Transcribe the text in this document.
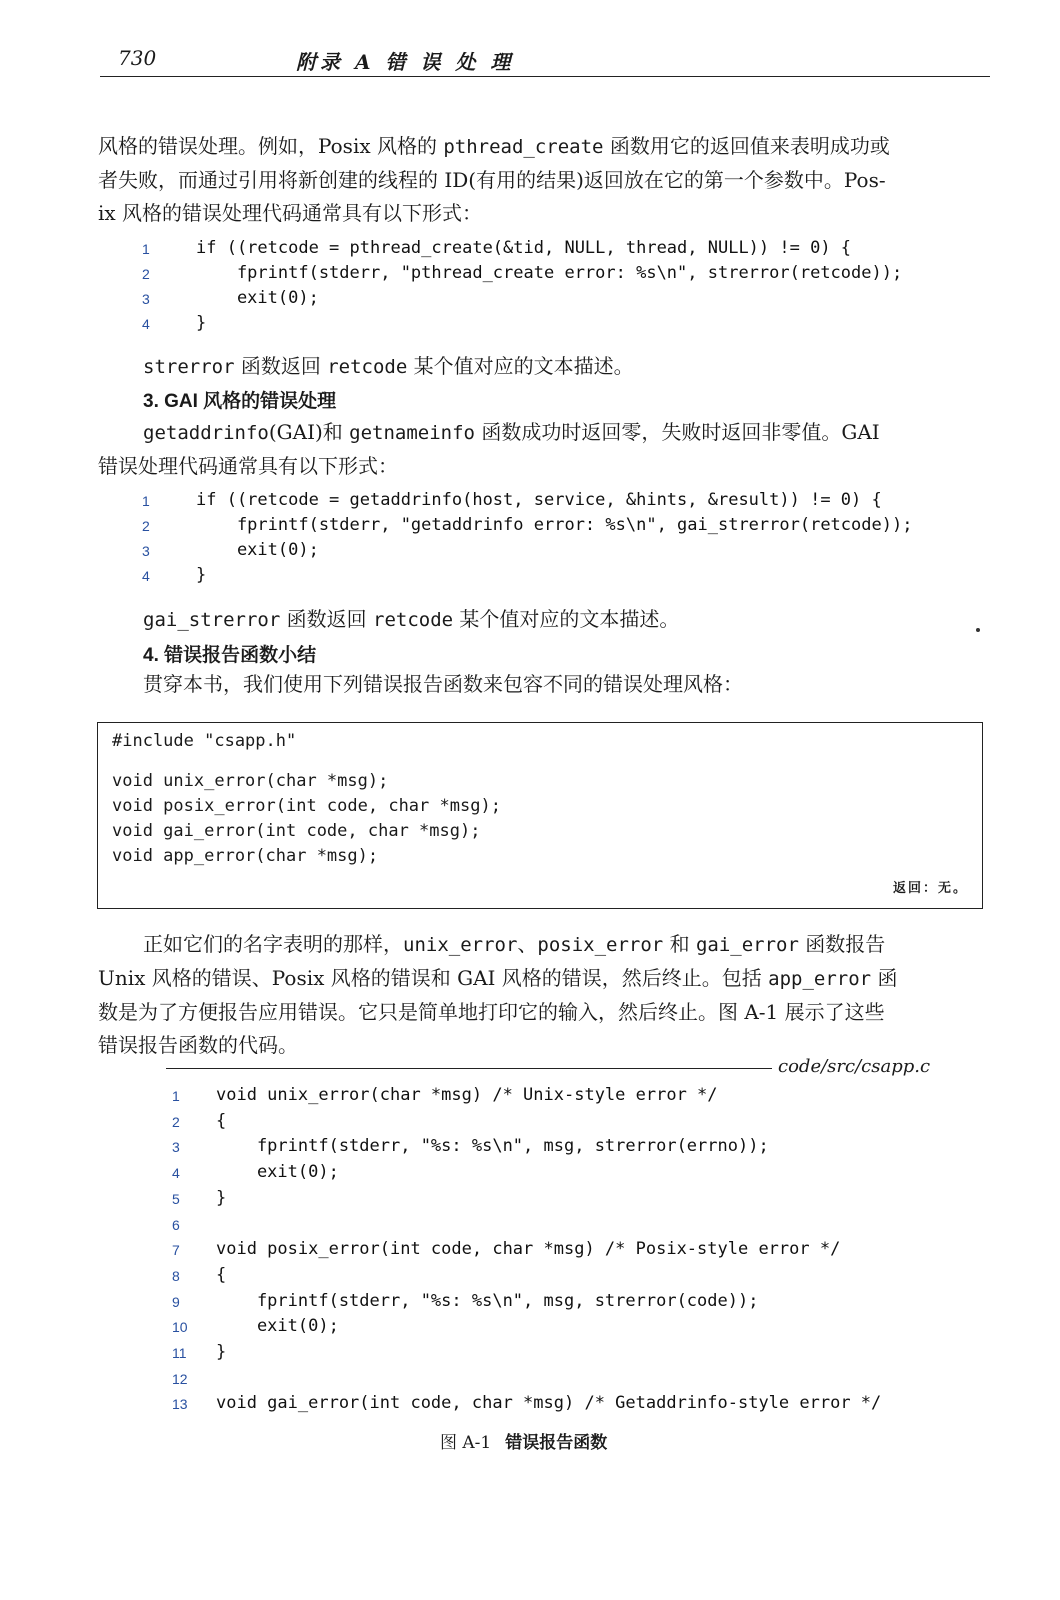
730	附录 A 错 误 处 理
风格的错误处理。例如，Posix 风格的 pthread_create 函数用它的返回值来表明成功或
者失败，而通过引用将新创建的线程的 ID(有用的结果)返回放在它的第一个参数中。Pos-
ix 风格的错误处理代码通常具有以下形式：
1	if ((retcode = pthread_create(&tid, NULL, thread, NULL)) != 0) {
2	fprintf(stderr, "pthread_create error: %s\n", strerror(retcode));
3	exit(0);
4	}
strerror 函数返回 retcode 某个值对应的文本描述。
3. GAI 风格的错误处理
getaddrinfo(GAI)和 getnameinfo 函数成功时返回零，失败时返回非零值。GAI
错误处理代码通常具有以下形式：
1	if ((retcode = getaddrinfo(host, service, &hints, &result)) != 0) {
2	fprintf(stderr, "getaddrinfo error: %s\n", gai_strerror(retcode));
3	exit(0);
4	}
gai_strerror 函数返回 retcode 某个值对应的文本描述。
4. 错误报告函数小结
贯穿本书，我们使用下列错误报告函数来包容不同的错误处理风格：
返回：无。
#include "csapp.h"
void unix_error(char *msg);
void posix_error(int code, char *msg);
void gai_error(int code, char *msg);
void app_error(char *msg);
正如它们的名字表明的那样，unix_error、posix_error 和 gai_error 函数报告
Unix 风格的错误、Posix 风格的错误和 GAI 风格的错误，然后终止。包括 app_error 函
数是为了方便报告应用错误。它只是简单地打印它的输入，然后终止。图 A-1 展示了这些
错误报告函数的代码。
code/src/csapp.c
1	void unix_error(char *msg) /* Unix-style error */
2	{
3	fprintf(stderr, "%s: %s\n", msg, strerror(errno));
4	exit(0);
5	}
6
7	void posix_error(int code, char *msg) /* Posix-style error */
8	{
9	fprintf(stderr, "%s: %s\n", msg, strerror(code));
10 exit(0);
11	}
12
13 void gai_error(int code, char *msg) /* Getaddrinfo-style error */
图 A-1 错误报告函数
